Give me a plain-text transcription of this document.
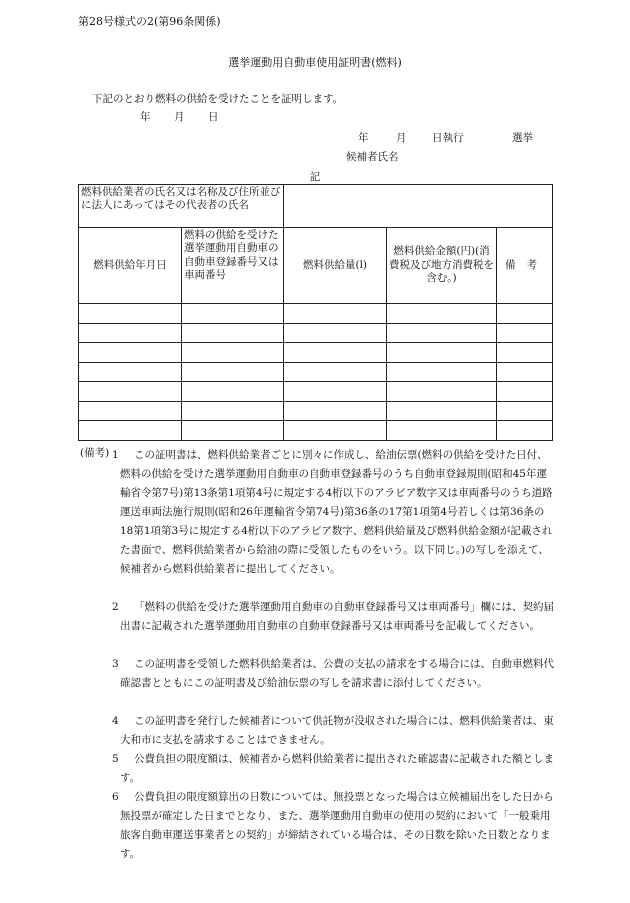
第28号様式の2(第96条関係)
選挙運動用自動車使用証明書(燃料)
下記のとおり燃料の供給を受けたことを証明します。
年 月 日
年	月 日執行	選挙
候補者氏名
記
燃料供給業者の氏名又は名称及び住所並びに法人にあってはその代表者の氏名				
燃料供給年月日	燃料の供給を受けた選挙運動用自動車の自動車登録番号又は車両番号	燃料供給量(l)	燃料供給金額(円)(消費税及び地方消費税を含む。)	備考

(備考) 1	この証明書は、燃料供給業者ごとに別々に作成し、給油伝票(燃料の供給を受けた日付、燃料の供給を受けた選挙運動用自動車の自動車登録番号のうち自動車登録規則(昭和45年運輸省令第7号)第13条第1項第4号に規定する4桁以下のアラビア数字又は車両番号のうち道路運送車両法施行規則(昭和26年運輸省令第74号)第36条の17第1項第4号若しくは第36条の18第1項第3号に規定する4桁以下のアラビア数字、燃料供給量及び燃料供給金額が記載された書面で、燃料供給業者から給油の際に受領したものをいう。以下同じ。)の写しを添えて、候補者から燃料供給業者に提出してください。
2	「燃料の供給を受けた選挙運動用自動車の自動車登録番号又は車両番号」欄には、契約届出書に記載された選挙運動用自動車の自動車登録番号又は車両番号を記載してください。
3	この証明書を受領した燃料供給業者は、公費の支払の請求をする場合には、自動車燃料代確認書とともにこの証明書及び給油伝票の写しを請求書に添付してください。
4	この証明書を発行した候補者について供託物が没収された場合には、燃料供給業者は、東大和市に支払を請求することはできません。
5	公費負担の限度額は、候補者から燃料供給業者に提出された確認書に記載された額とします。
6	公費負担の限度額算出の日数については、無投票となった場合は立候補届出をした日から無投票が確定した日までとなり、また、選挙運動用自動車の使用の契約において「一般乗用旅客自動車運送事業者との契約」が締結されている場合は、その日数を除いた日数となります。
